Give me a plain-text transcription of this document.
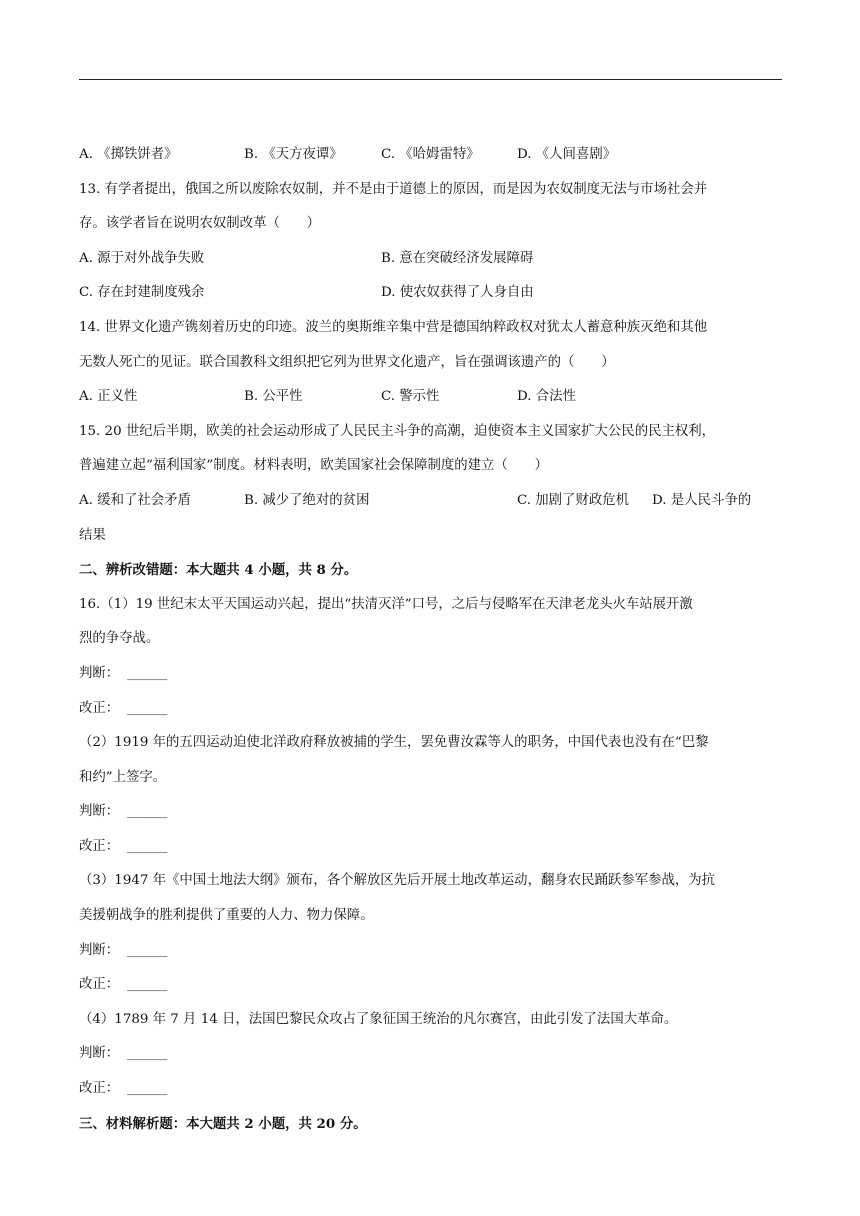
A. 《掷铁饼者》	B. 《天方夜谭》	C. 《哈姆雷特》	D. 《人间喜剧》
13. 有学者提出，俄国之所以废除农奴制，并不是由于道德上的原因，而是因为农奴制度无法与市场社会并
存。该学者旨在说明农奴制改革（　　）
A. 源于对外战争失败	B. 意在突破经济发展障碍
C. 存在封建制度残余	D. 使农奴获得了人身自由
14. 世界文化遗产镌刻着历史的印迹。波兰的奥斯维辛集中营是德国纳粹政权对犹太人蓄意种族灭绝和其他
无数人死亡的见证。联合国教科文组织把它列为世界文化遗产，旨在强调该遗产的（　　）
A. 正义性	B. 公平性	C. 警示性	D. 合法性
15. 20 世纪后半期，欧美的社会运动形成了人民民主斗争的高潮，迫使资本主义国家扩大公民的民主权利，
普遍建立起“福利国家”制度。材料表明，欧美国家社会保障制度的建立（　　）
A. 缓和了社会矛盾	B. 减少了绝对的贫困	C. 加剧了财政危机 D. 是人民斗争的
结果
二、辨析改错题：本大题共 4 小题，共 8 分。
16.（1）19 世纪末太平天国运动兴起，提出“扶清灭洋”口号，之后与侵略军在天津老龙头火车站展开激
烈的争夺战。
判断： ______
改正： ______
（2）1919 年的五四运动迫使北洋政府释放被捕的学生，罢免曹汝霖等人的职务，中国代表也没有在“巴黎
和约”上签字。
判断： ______
改正： ______
（3）1947 年《中国土地法大纲》颁布，各个解放区先后开展土地改革运动，翻身农民踊跃参军参战，为抗
美援朝战争的胜利提供了重要的人力、物力保障。
判断： ______
改正： ______
（4）1789 年 7 月 14 日，法国巴黎民众攻占了象征国王统治的凡尔赛宫，由此引发了法国大革命。
判断： ______
改正： ______
三、材料解析题：本大题共 2 小题，共 20 分。
